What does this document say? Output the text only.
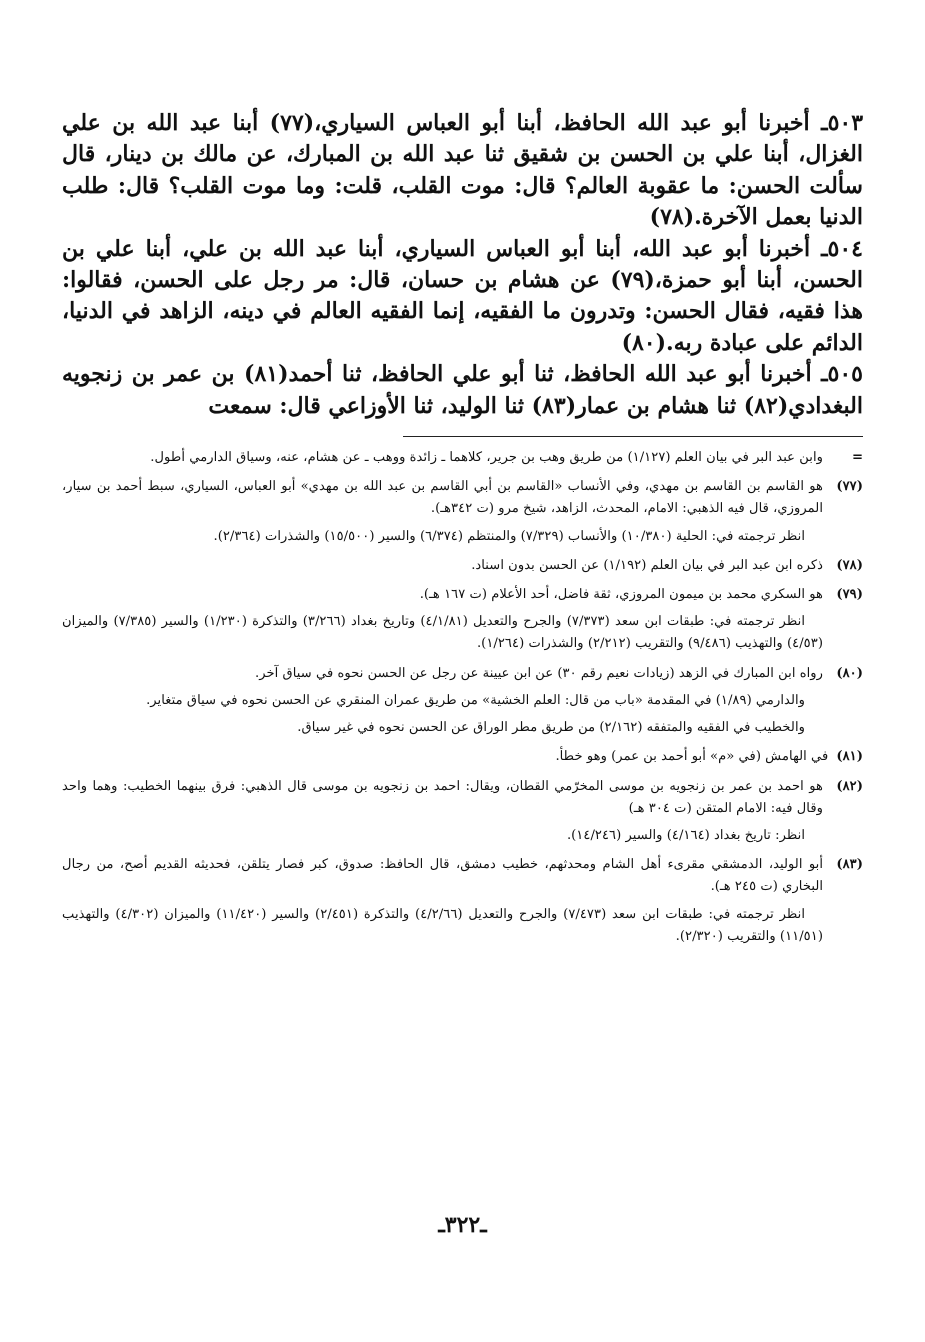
٥٠٣ـ أخبرنا أبو عبد الله الحافظ، أبنا أبو العباس السياري،(٧٧) أبنا عبد الله بن علي الغزال، أبنا علي بن الحسن بن شقيق ثنا عبد الله بن المبارك، عن مالك بن دينار، قال سألت الحسن: ما عقوبة العالم؟ قال: موت القلب، قلت: وما موت القلب؟ قال: طلب الدنيا بعمل الآخرة.(٧٨)

٥٠٤ـ أخبرنا أبو عبد الله، أبنا أبو العباس السياري، أبنا عبد الله بن علي، أبنا علي بن الحسن، أبنا أبو حمزة،(٧٩) عن هشام بن حسان، قال: مر رجل على الحسن، فقالوا: هذا فقيه، فقال الحسن: وتدرون ما الفقيه، إنما الفقيه العالم في دينه، الزاهد في الدنيا، الدائم على عبادة ربه.(٨٠)

٥٠٥ـ أخبرنا أبو عبد الله الحافظ، ثنا أبو علي الحافظ، ثنا أحمد(٨١) بن عمر بن زنجويه البغدادي(٨٢) ثنا هشام بن عمار(٨٣) ثنا الوليد، ثنا الأوزاعي قال: سمعت

=

وابن عبد البر في بيان العلم (١/١٢٧) من طريق وهب بن جرير، كلاهما ـ زائدة ووهب ـ عن هشام، عنه، وسياق الدارمي أطول.

(٧٧)

هو القاسم بن القاسم بن مهدي، وفي الأنساب «القاسم بن أبي القاسم بن عبد الله بن مهدي» أبو العباس، السياري، سبط أحمد بن سيار، المروزي، قال فيه الذهبي: الامام، المحدث، الزاهد، شيخ مرو (ت ٣٤٢هـ).

انظر ترجمته في: الحلية (١٠/٣٨٠) والأنساب (٧/٣٢٩) والمنتظم (٦/٣٧٤) والسير (١٥/٥٠٠) والشذرات (٢/٣٦٤).

(٧٨)

ذكره ابن عبد البر في بيان العلم (١/١٩٢) عن الحسن بدون اسناد.

(٧٩)

هو السكري محمد بن ميمون المروزي، ثقة فاضل، أحد الأعلام (ت ١٦٧ هـ).

انظر ترجمته في: طبقات ابن سعد (٧/٣٧٣) والجرح والتعديل (٤/١/٨١) وتاريخ بغداد (٣/٢٦٦) والتذكرة (١/٢٣٠) والسير (٧/٣٨٥) والميزان (٤/٥٣) والتهذيب (٩/٤٨٦) والتقريب (٢/٢١٢) والشذرات (١/٢٦٤).

(٨٠)

رواه ابن المبارك في الزهد (زيادات نعيم رقم ٣٠) عن ابن عيينة عن رجل عن الحسن نحوه في سياق آخر.

والدارمي (١/٨٩) في المقدمة «باب من قال: العلم الخشية» من طريق عمران المنقري عن الحسن نحوه في سياق متغاير.

والخطيب في الفقيه والمتفقه (٢/١٦٢) من طريق مطر الوراق عن الحسن نحوه في غير سياق.

(٨١)في الهامش (في «م» أبو أحمد بن عمر) وهو خطأ.

(٨٢)

هو احمد بن عمر بن زنجويه بن موسى المخرّمي القطان، ويقال: احمد بن زنجويه بن موسى قال الذهبي: فرق بينهما الخطيب: وهما واحد وقال فيه: الامام المتقن (ت ٣٠٤ هـ)

انظر: تاريخ بغداد (٤/١٦٤) والسير (١٤/٢٤٦).

(٨٣)

أبو الوليد، الدمشقي مقرىء أهل الشام ومحدثهم، خطيب دمشق، قال الحافظ: صدوق، كبر فصار يتلقن، فحديثه القديم أصح، من رجال البخاري (ت ٢٤٥ هـ).

انظر ترجمته في: طبقات ابن سعد (٧/٤٧٣) والجرح والتعديل (٤/٢/٦٦) والتذكرة (٢/٤٥١) والسير (١١/٤٢٠) والميزان (٤/٣٠٢) والتهذيب (١١/٥١) والتقريب (٢/٣٢٠).

ـ٣٢٢ـ
